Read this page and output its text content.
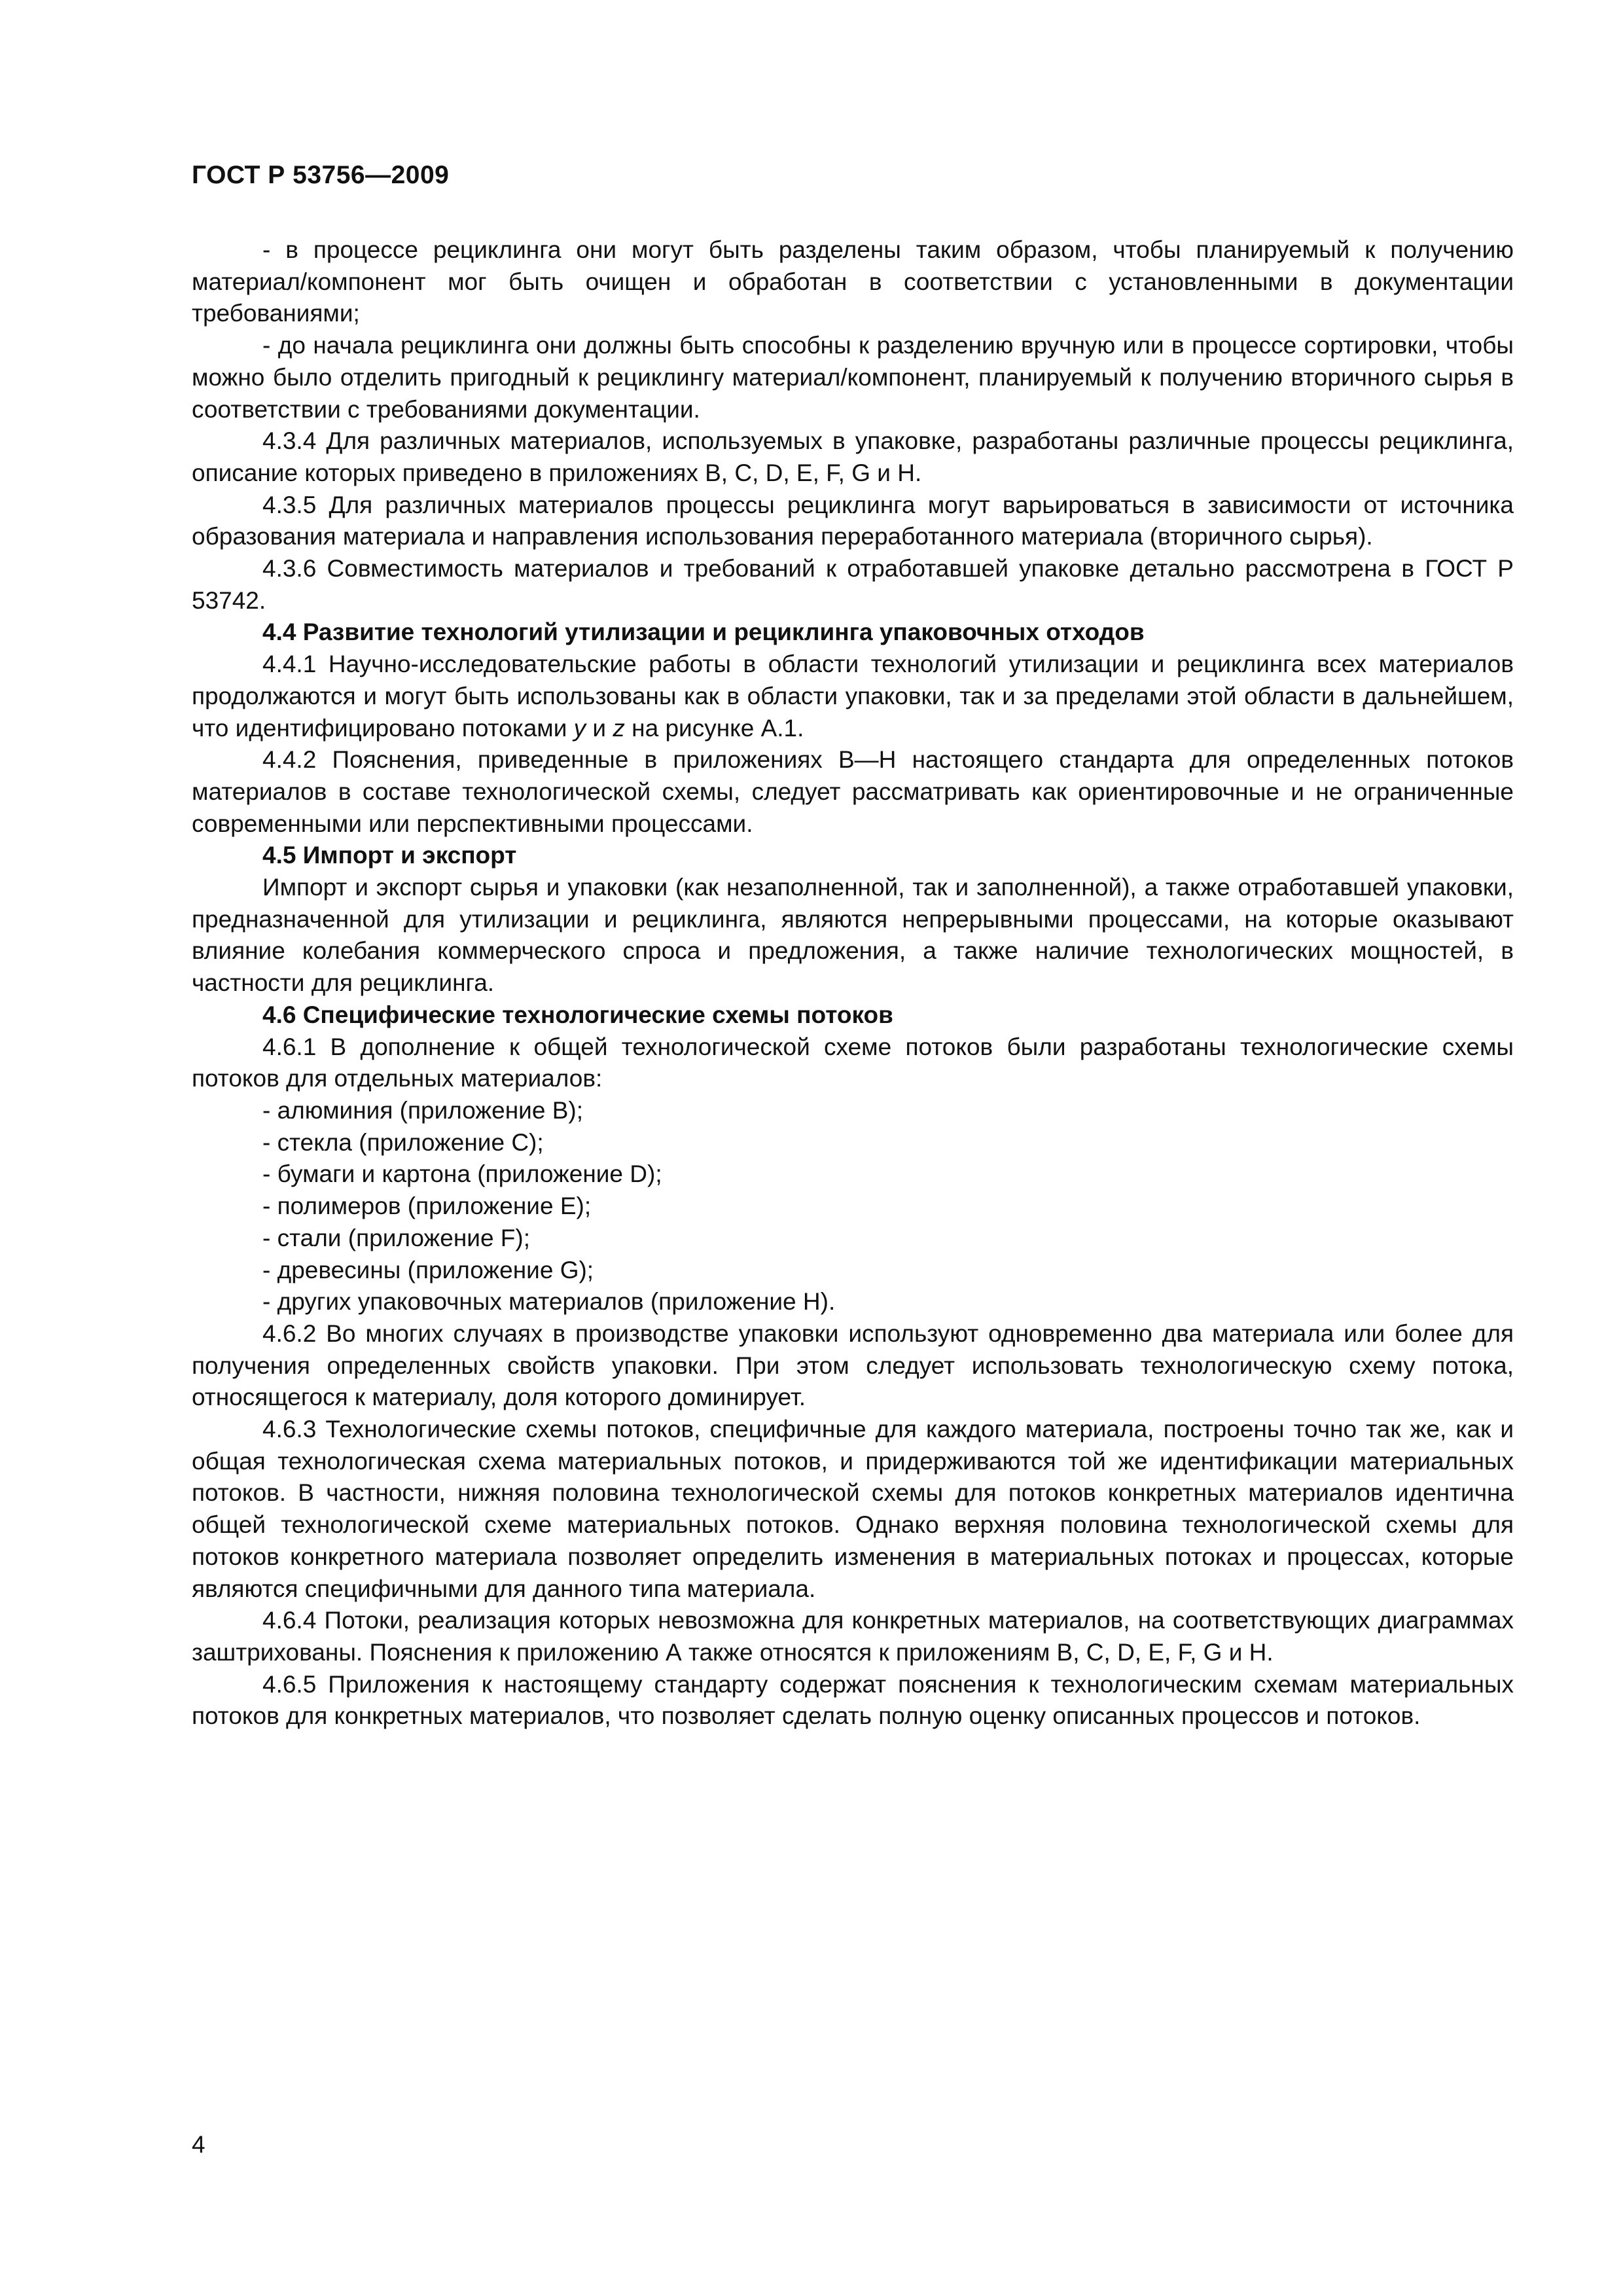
ГОСТ Р 53756—2009

- в процессе рециклинга они могут быть разделены таким образом, чтобы планируемый к получению материал/компонент мог быть очищен и обработан в соответствии с установленными в документации требованиями;

- до начала рециклинга они должны быть способны к разделению вручную или в процессе сортировки, чтобы можно было отделить пригодный к рециклингу материал/компонент, планируемый к получению вторичного сырья в соответствии с требованиями документации.

4.3.4 Для различных материалов, используемых в упаковке, разработаны различные процессы рециклинга, описание которых приведено в приложениях В, С, D, Е, F, G и Н.

4.3.5 Для различных материалов процессы рециклинга могут варьироваться в зависимости от источника образования материала и направления использования переработанного материала (вторичного сырья).

4.3.6 Совместимость материалов и требований к отработавшей упаковке детально рассмотрена в ГОСТ Р 53742.

4.4 Развитие технологий утилизации и рециклинга упаковочных отходов

4.4.1 Научно-исследовательские работы в области технологий утилизации и рециклинга всех материалов продолжаются и могут быть использованы как в области упаковки, так и за пределами этой области в дальнейшем, что идентифицировано потоками y и z на рисунке А.1.

4.4.2 Пояснения, приведенные в приложениях В—Н настоящего стандарта для определенных потоков материалов в составе технологической схемы, следует рассматривать как ориентировочные и не ограниченные современными или перспективными процессами.

4.5 Импорт и экспорт

Импорт и экспорт сырья и упаковки (как незаполненной, так и заполненной), а также отработавшей упаковки, предназначенной для утилизации и рециклинга, являются непрерывными процессами, на которые оказывают влияние колебания коммерческого спроса и предложения, а также наличие технологических мощностей, в частности для рециклинга.

4.6 Специфические технологические схемы потоков

4.6.1 В дополнение к общей технологической схеме потоков были разработаны технологические схемы потоков для отдельных материалов:

- алюминия (приложение В);
- стекла (приложение С);
- бумаги и картона (приложение D);
- полимеров (приложение Е);
- стали (приложение F);
- древесины (приложение G);
- других упаковочных материалов (приложение Н).

4.6.2 Во многих случаях в производстве упаковки используют одновременно два материала или более для получения определенных свойств упаковки. При этом следует использовать технологическую схему потока, относящегося к материалу, доля которого доминирует.

4.6.3 Технологические схемы потоков, специфичные для каждого материала, построены точно так же, как и общая технологическая схема материальных потоков, и придерживаются той же идентификации материальных потоков. В частности, нижняя половина технологической схемы для потоков конкретных материалов идентична общей технологической схеме материальных потоков. Однако верхняя половина технологической схемы для потоков конкретного материала позволяет определить изменения в материальных потоках и процессах, которые являются специфичными для данного типа материала.

4.6.4 Потоки, реализация которых невозможна для конкретных материалов, на соответствующих диаграммах заштрихованы. Пояснения к приложению А также относятся к приложениям В, С, D, Е, F, G и Н.

4.6.5 Приложения к настоящему стандарту содержат пояснения к технологическим схемам материальных потоков для конкретных материалов, что позволяет сделать полную оценку описанных процессов и потоков.

4
